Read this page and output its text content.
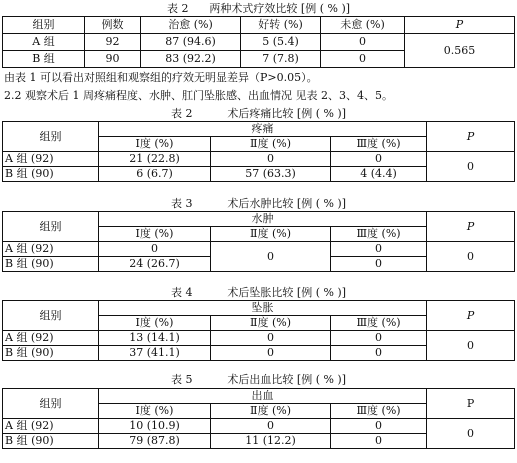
表 2      两种术式疗效比较 [例 ( % )]
组别	例数	治愈 (%)	好转 (%)	未愈 (%)	P
A 组	92	87 (94.6)	5 (5.4)	0	0.565
B 组	90	83 (92.2)	7 (7.8)	0	
由表 1 可以看出对照组和观察组的疗效无明显差异（P>0.05）。
2.2 观察术后 1 周疼痛程度、水肿、肛门坠胀感、出血情况 见表 2、3、4、5。
表 2          术后疼痛比较 [例 ( % )]
组别	疼痛			P
	Ⅰ度 (%)	Ⅱ度 (%)	Ⅲ度 (%)	
A 组 (92)	21 (22.8)	0	0	0
B 组 (90)	6 (6.7)	57 (63.3)	4 (4.4)	
表 3          术后水肿比较 [例 ( % )]
组别	水肿			P
	Ⅰ度 (%)	Ⅱ度 (%)	Ⅲ度 (%)	
A 组 (92)	0	0	0	0
B 组 (90)	24 (26.7)		0	
表 4          术后坠胀比较 [例 ( % )]
组别	坠胀			P
	Ⅰ度 (%)	Ⅱ度 (%)	Ⅲ度 (%)	
A 组 (92)	13 (14.1)	0	0	0
B 组 (90)	37 (41.1)	0	0	
表 5          术后出血比较 [例 ( % )]
组别	出血			P
	Ⅰ度 (%)	Ⅱ度 (%)	Ⅲ度 (%)	
A 组 (92)	10 (10.9)	0	0	0
B 组 (90)	79 (87.8)	11 (12.2)	0	
